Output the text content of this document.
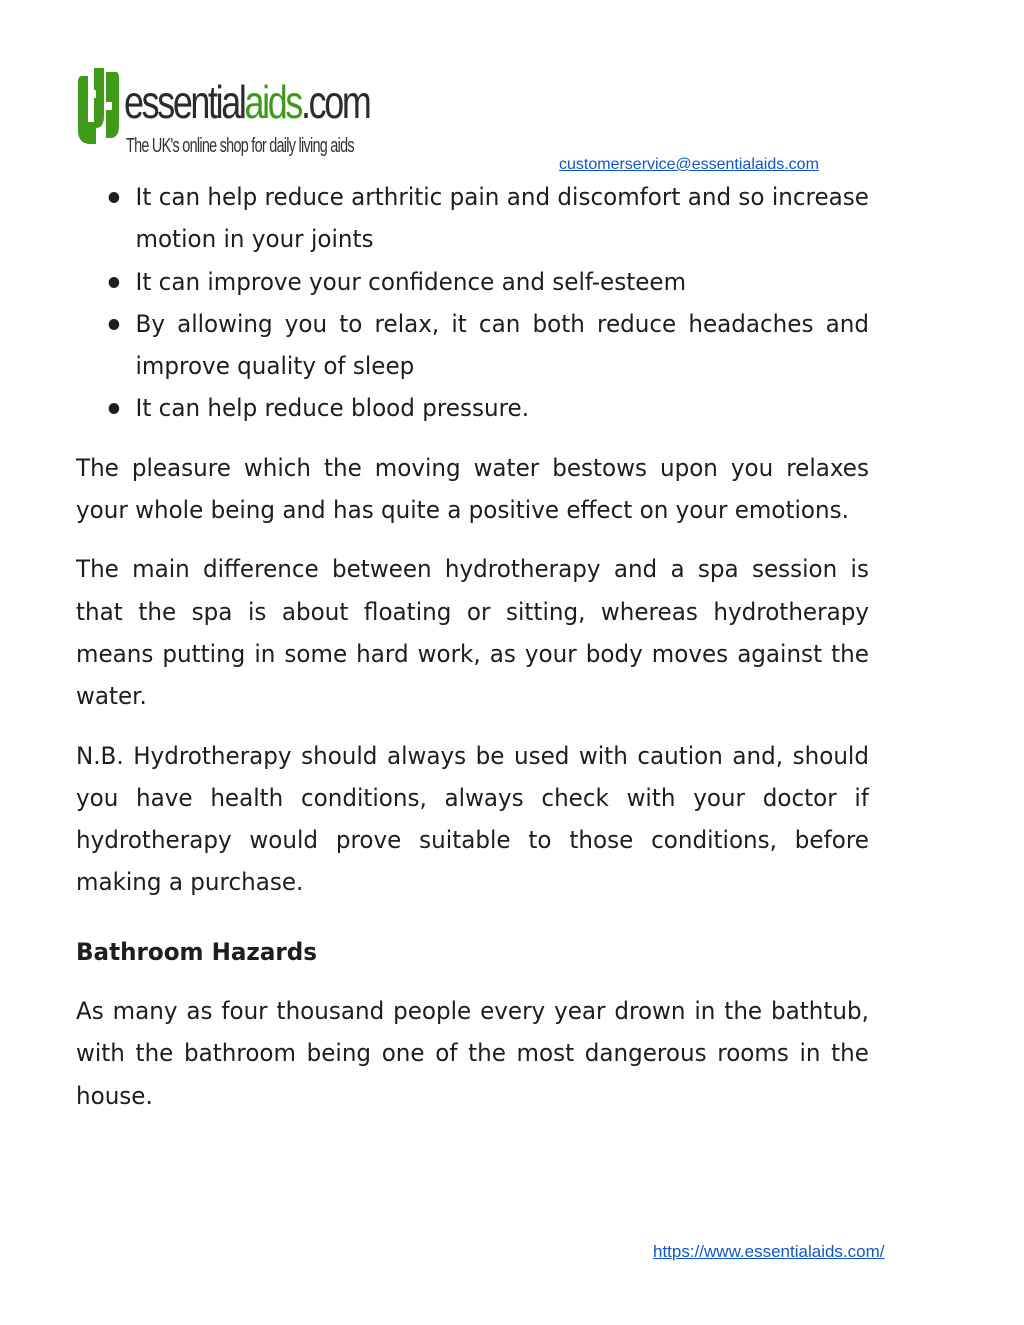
essentialaids.com
The UK's online shop for daily living aids
customerservice@essentialaids.com
It can help reduce arthritic pain and discomfort and so increase motion in your joints
It can improve your confidence and self-esteem
By allowing you to relax, it can both reduce headaches and improve quality of sleep
It can help reduce blood pressure.

The pleasure which the moving water bestows upon you relaxes your whole being and has quite a positive effect on your emotions.

The main difference between hydrotherapy and a spa session is that the spa is about floating or sitting, whereas hydrotherapy means putting in some hard work, as your body moves against the water.

N.B. Hydrotherapy should always be used with caution and, should you have health conditions, always check with your doctor if hydrotherapy would prove suitable to those conditions, before making a purchase.

Bathroom Hazards

As many as four thousand people every year drown in the bathtub, with the bathroom being one of the most dangerous rooms in the house.

https://www.essentialaids.com/
